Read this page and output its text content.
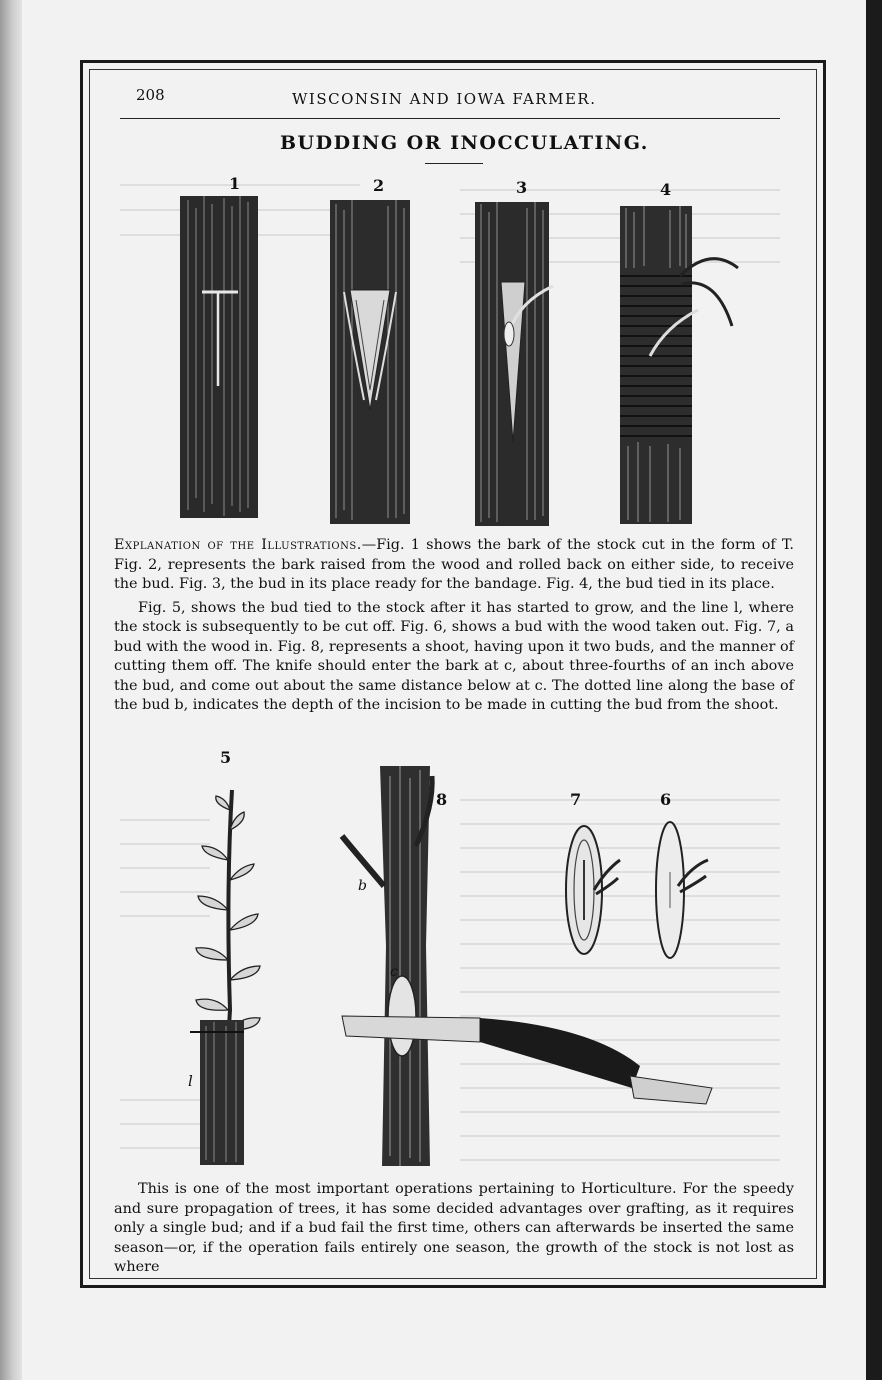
208	WISCONSIN AND IOWA FARMER.
BUDDING OR INOCCULATING.
1	2	3	4

Explanation of the Illustrations.—Fig. 1 shows the bark of the stock cut in the form of T. Fig. 2, represents the bark raised from the wood and rolled back on either side, to receive the bud. Fig. 3, the bud in its place ready for the bandage. Fig. 4, the bud tied in its place.

Fig. 5, shows the bud tied to the stock after it has started to grow, and the line l, where the stock is subsequently to be cut off. Fig. 6, shows a bud with the wood taken out. Fig. 7, a bud with the wood in. Fig. 8, represents a shoot, having upon it two buds, and the manner of cutting them off. The knife should enter the bark at c, about three-fourths of an inch above the bud, and come out about the same distance below at c. The dotted line along the base of the bud b, indicates the depth of the incision to be made in cutting the bud from the shoot.

5
8	7	6
l
b
c

This is one of the most important operations pertaining to Horticulture. For the speedy and sure propagation of trees, it has some decided advantages over grafting, as it requires only a single bud; and if a bud fail the first time, others can afterwards be inserted the same season—or, if the operation fails entirely one season, the growth of the stock is not lost as where
